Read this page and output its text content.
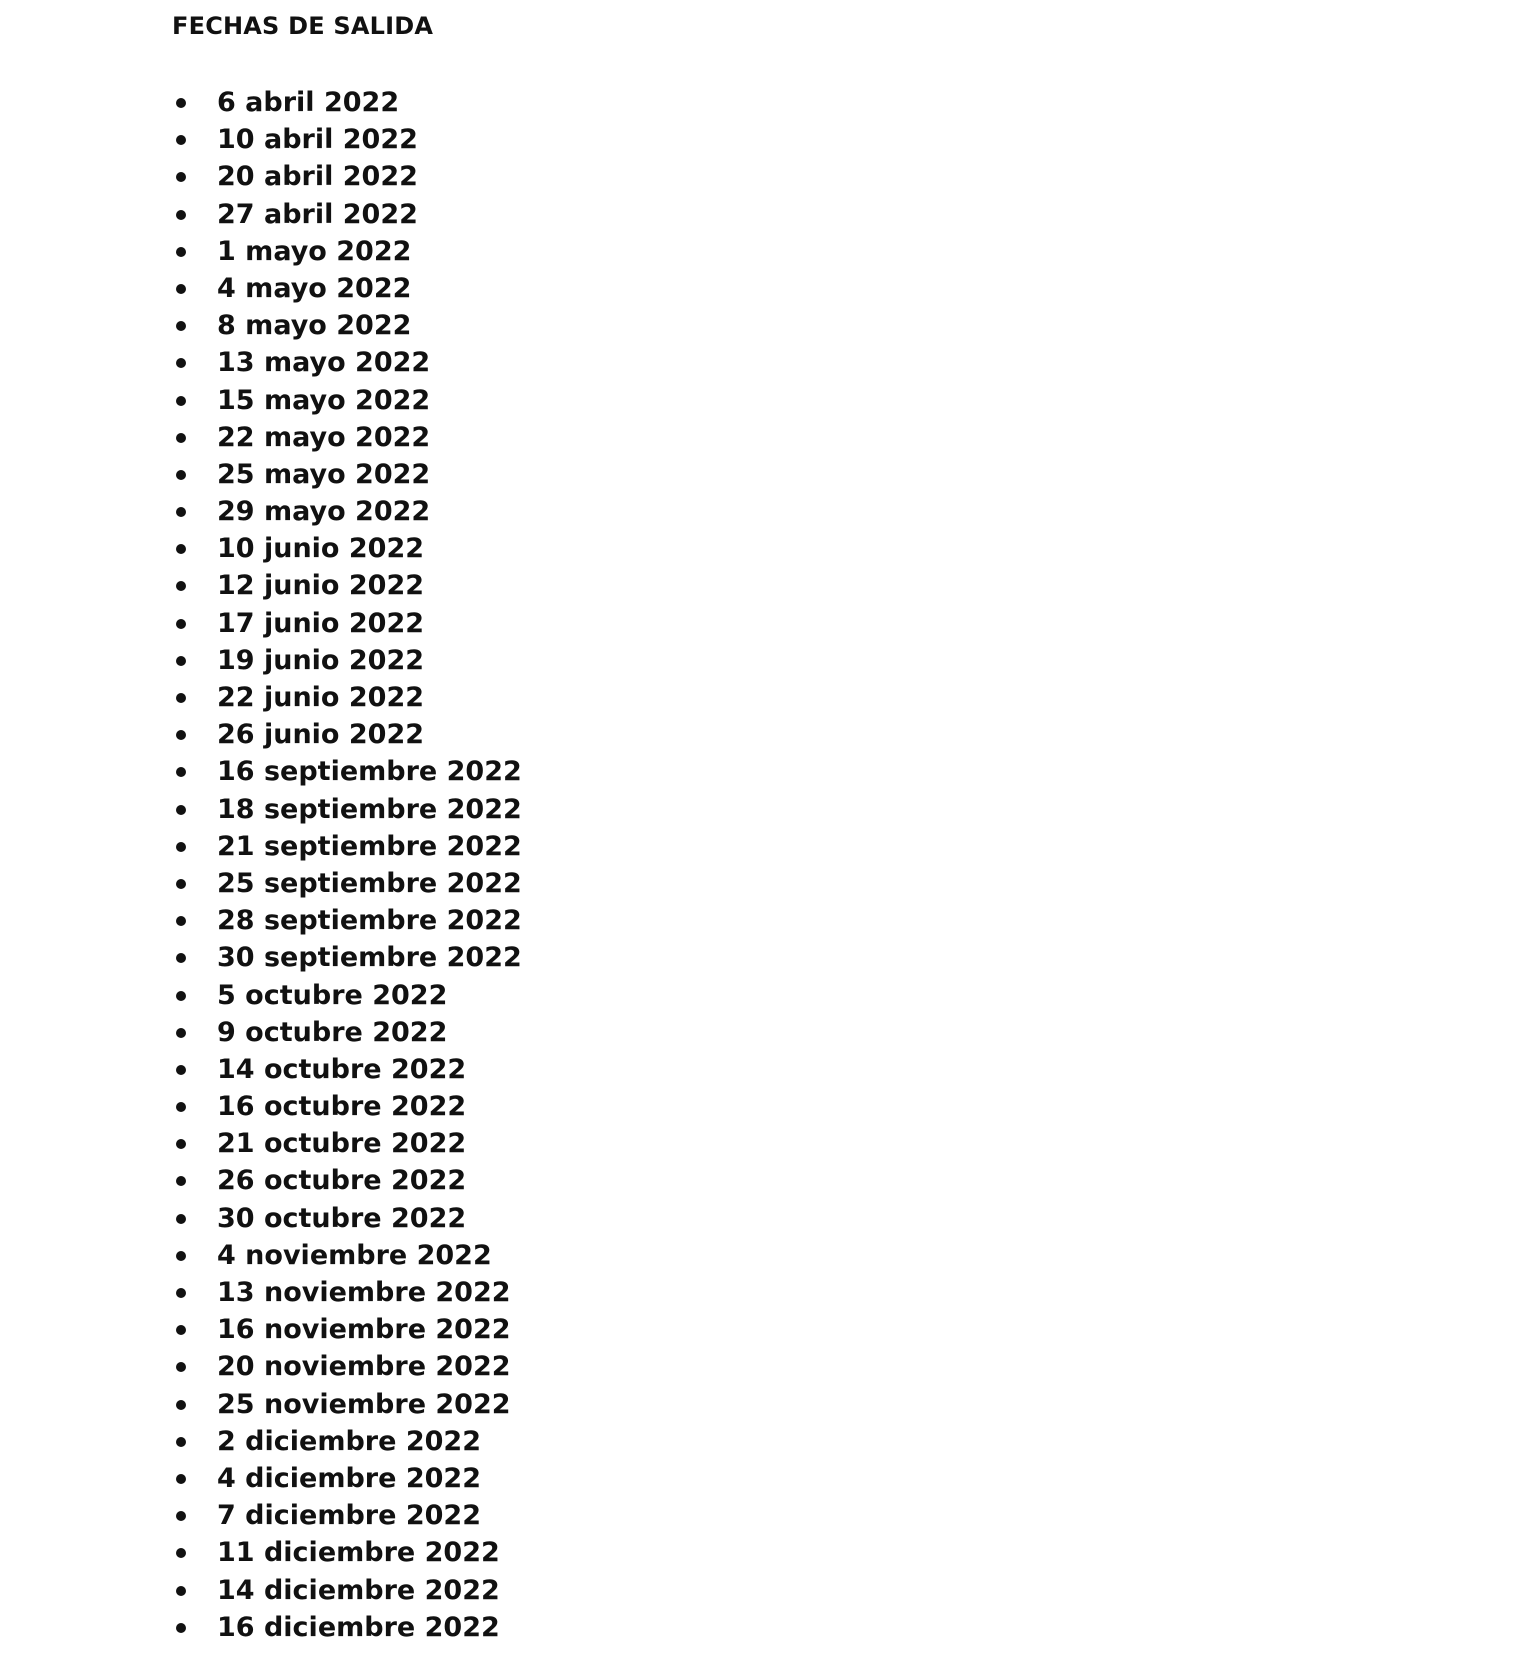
FECHAS DE SALIDA
6 abril 2022
10 abril 2022
20 abril 2022
27 abril 2022
1 mayo 2022
4 mayo 2022
8 mayo 2022
13 mayo 2022
15 mayo 2022
22 mayo 2022
25 mayo 2022
29 mayo 2022
10 junio 2022
12 junio 2022
17 junio 2022
19 junio 2022
22 junio 2022
26 junio 2022
16 septiembre 2022
18 septiembre 2022
21 septiembre 2022
25 septiembre 2022
28 septiembre 2022
30 septiembre 2022
5 octubre 2022
9 octubre 2022
14 octubre 2022
16 octubre 2022
21 octubre 2022
26 octubre 2022
30 octubre 2022
4 noviembre 2022
13 noviembre 2022
16 noviembre 2022
20 noviembre 2022
25 noviembre 2022
2 diciembre 2022
4 diciembre 2022
7 diciembre 2022
11 diciembre 2022
14 diciembre 2022
16 diciembre 2022
